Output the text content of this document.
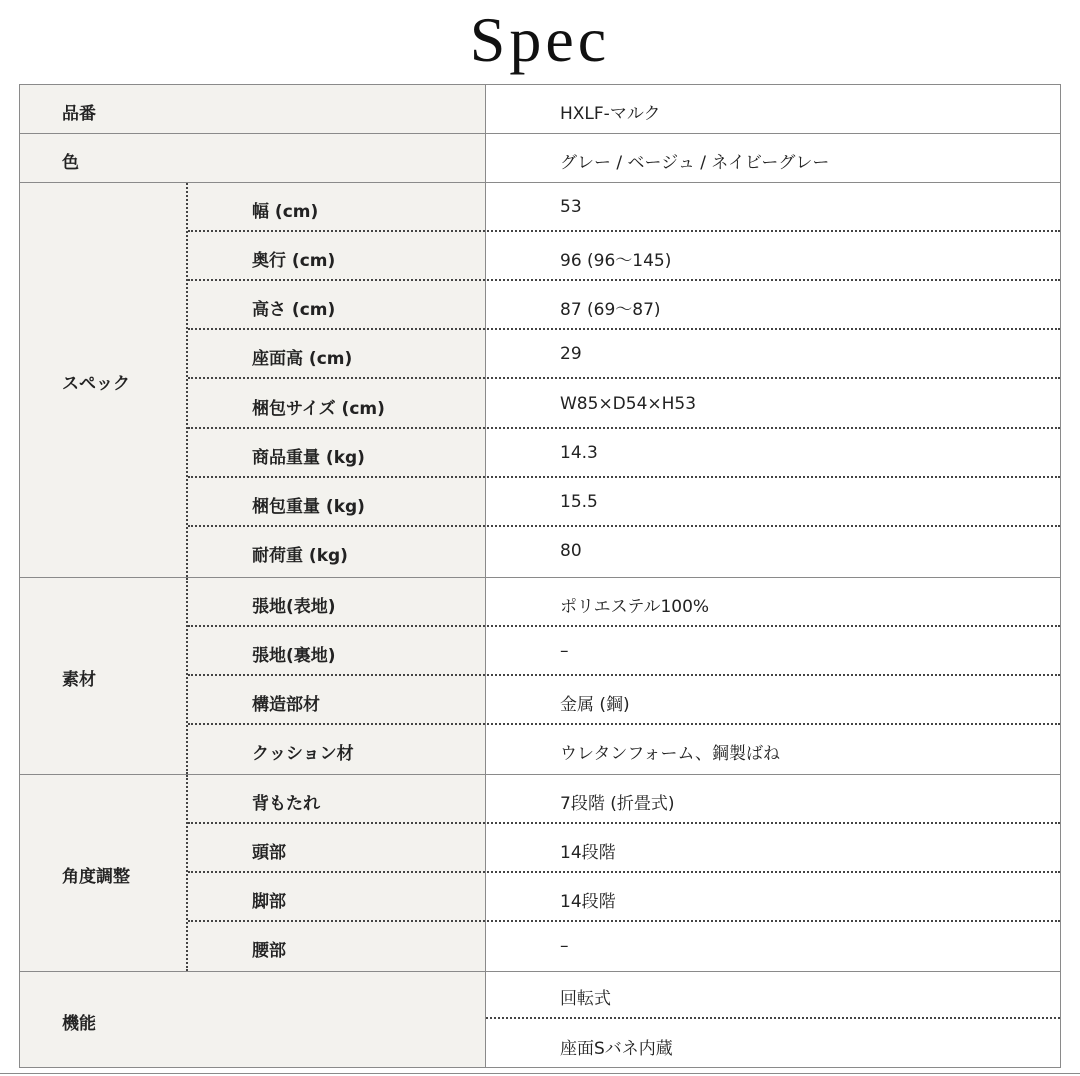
Spec
品番	HXLF-マルク
色	グレー / ベージュ / ネイビーグレー
スペック
幅 (cm)	53
奥行 (cm)	96 (96〜145)
高さ (cm)	87 (69〜87)
座面高 (cm)	29
梱包サイズ (cm)	W85×D54×H53
商品重量 (kg)	14.3
梱包重量 (kg)	15.5
耐荷重 (kg)	80
素材
張地(表地)	ポリエステル100%
張地(裏地)	–
構造部材	金属 (鋼)
クッション材	ウレタンフォーム、鋼製ばね
角度調整
背もたれ	7段階 (折畳式)
頭部	14段階
脚部	14段階
腰部	–
機能
回転式
座面Sバネ内蔵
